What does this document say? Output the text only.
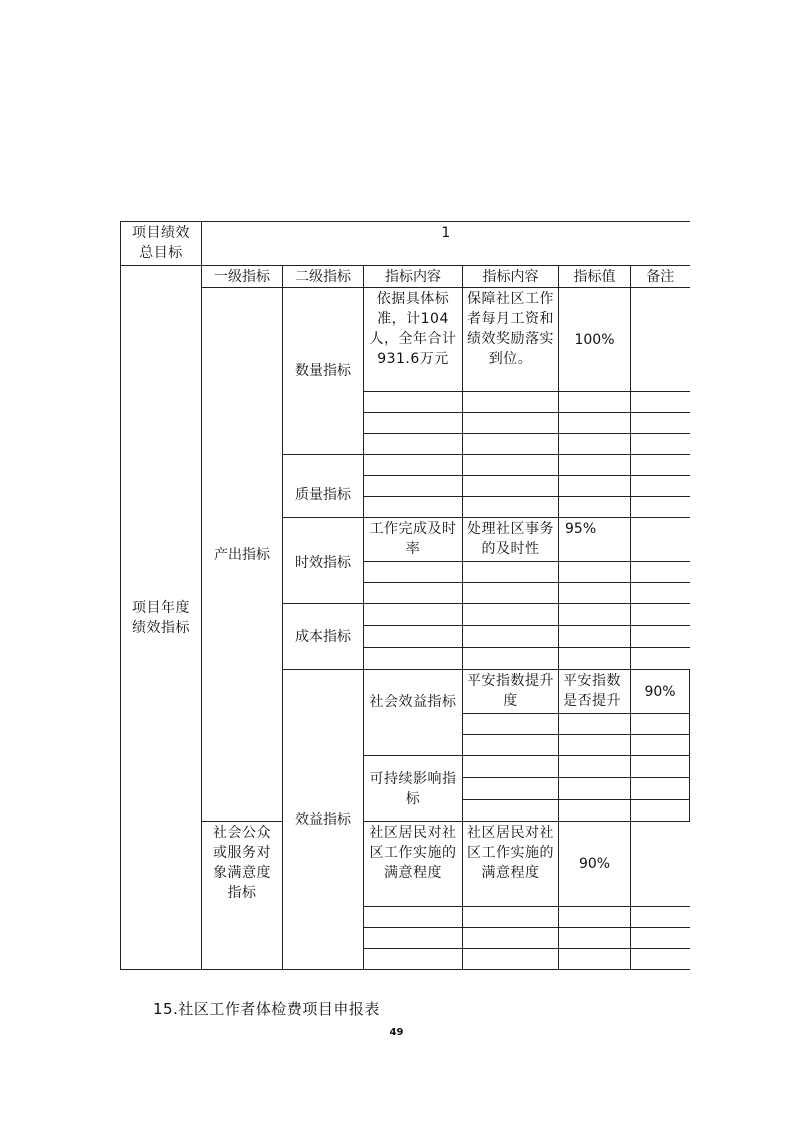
项目绩效总目标	1						

项目年度绩效指标	一级指标	二级指标	指标内容	指标内容	指标值	备注	
	产出指标	数量指标	依据具体标准，计104人，全年合计931.6万元	保障社区工作者每月工资和绩效奖励落实到位。	100%		

		质量指标					

		时效指标	工作完成及时率	处理社区事务的及时性	95%		

		成本指标					

		效益指标	社会效益指标	平安指数提升度	平安指数是否提升	90%	

			可持续影响指标				

	社会公众或服务对象满意度指标		社区居民对社区工作实施的满意程度	社区居民对社区工作实施的满意程度	90%		

15.社区工作者体检费项目申报表
49
